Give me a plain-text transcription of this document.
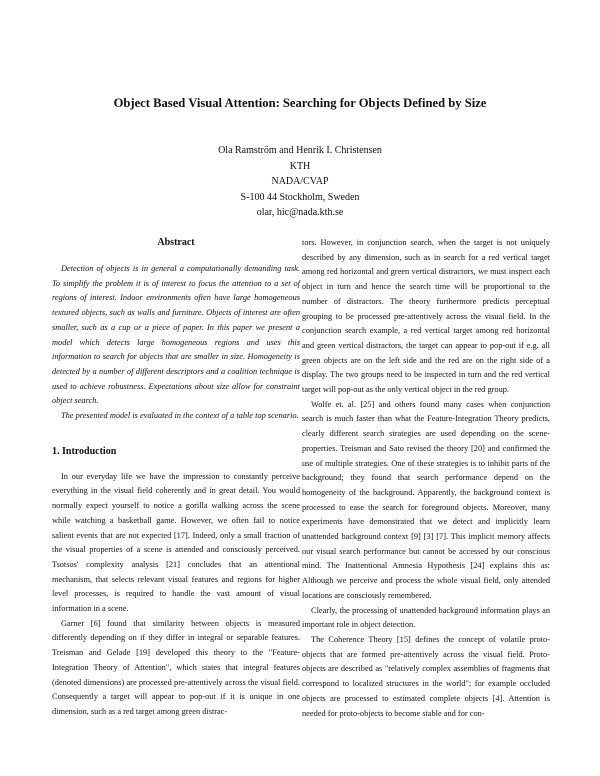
Object Based Visual Attention: Searching for Objects Defined by Size
Ola Ramström and Henrik I. Christensen
KTH
NADA/CVAP
S-100 44 Stockholm, Sweden
olar, hic@nada.kth.se
Abstract

Detection of objects is in general a computationally demanding task. To simplify the problem it is of interest to focus the attention to a set of regions of interest. Indoor environments often have large homogeneous textured objects, such as walls and furniture. Objects of interest are often smaller, such as a cup or a piece of paper. In this paper we present a model which detects large homogeneous regions and uses this information to search for objects that are smaller in size. Homogeneity is detected by a number of different descriptors and a coalition technique is used to achieve robustness. Expectations about size allow for constraint object search.

The presented model is evaluated in the context of a table top scenario.

1. Introduction

In our everyday life we have the impression to constantly perceive everything in the visual field coherently and in great detail. You would normally expect yourself to notice a gorilla walking across the scene while watching a basketball game. However, we often fail to notice salient events that are not expected [17]. Indeed, only a small fraction of the visual properties of a scene is attended and consciously perceived. Tsotsos' complexity analysis [21] concludes that an attentional mechanism, that selects relevant visual features and regions for higher level processes, is required to handle the vast amount of visual information in a scene.

Garner [6] found that similarity between objects is measured differently depending on if they differ in integral or separable features. Treisman and Gelade [19] developed this theory to the "Feature-Integration Theory of Attention", which states that integral features (denoted dimensions) are processed pre-attentively across the visual field. Consequently a target will appear to pop-out if it is unique in one dimension, such as a red target among green distrac-

tors. However, in conjunction search, when the target is not uniquely described by any dimension, such as in search for a red vertical target among red horizontal and green vertical distractors, we must inspect each object in turn and hence the search time will be proportional to the number of distractors. The theory furthermore predicts perceptual grouping to be processed pre-attentively across the visual field. In the conjunction search example, a red vertical target among red horizontal and green vertical distractors, the target can appear to pop-out if e.g. all green objects are on the left side and the red are on the right side of a display. The two groups need to be inspected in turn and the red vertical target will pop-out as the only vertical object in the red group.

Wolfe et. al. [25] and others found many cases when conjunction search is much faster than what the Feature-Integration Theory predicts, clearly different search strategies are used depending on the scene-properties. Treisman and Sato revised the theory [20] and confirmed the use of multiple strategies. One of these strategies is to inhibit parts of the background; they found that search performance depend on the homogeneity of the background. Apparently, the background context is processed to ease the search for foreground objects. Moreover, many experiments have demonstrated that we detect and implicitly learn unattended background context [9] [3] [7]. This implicit memory affects our visual search performance but cannot be accessed by our conscious mind. The Inattentional Amnesia Hypothesis [24] explains this as: Although we perceive and process the whole visual field, only attended locations are consciously remembered.

Clearly, the processing of unattended background information plays an important role in object detection.

The Coherence Theory [15] defines the concept of volatile proto-objects that are formed pre-attentively across the visual field. Proto-objects are described as "relatively complex assemblies of fragments that correspond to localized structures in the world"; for example occluded objects are processed to estimated complete objects [4]. Attention is needed for proto-objects to become stable and for con-
